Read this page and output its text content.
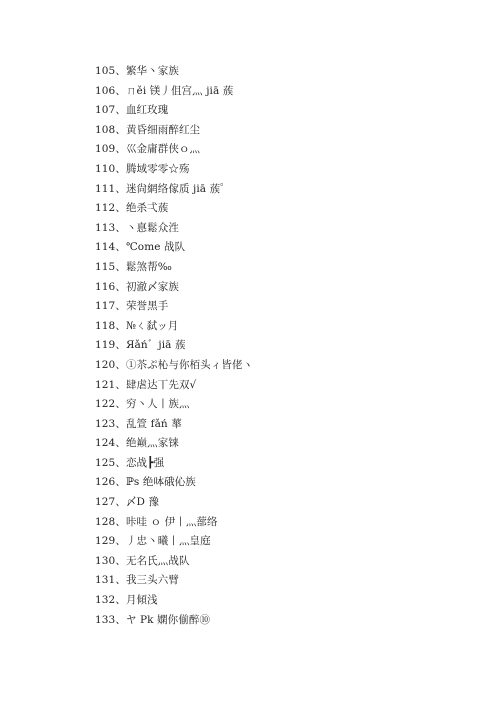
105、繁华丶家族
106、ㄇěi 镁丿伹宫灬 jiā 蔟
107、血红玫瑰
108、黄昏细雨醉红尘
109、巛金庸群侠ｏ灬
110、腾域零零☆殇
111、迷尙網络傢质 jiā 蔟゜
112、绝杀弌蔟
113、丶惪鬆众泩
114、℃ome 战队
115、鬆煞帮‰
116、初澈〆家族
117、荣誉黑手
118、№ㄑ弑ッ月
119、Яǎń゛jiā 蔟
120、①苶ぷ杺与你栢头ィ皆佬ヽ
121、肆虐达丅先双√
122、穷丶人丨族灬
123、乱箮 fǎń 蕐
124、绝巅灬家铼
125、恋战┣强
126、ℙs 绝呠硪伈族
127、〆D 豫
128、咔哇 ｏ 伊丨灬蔀络
129、丿忠丶曦丨灬皇庭
130、无名氏灬战队
131、我三头六臂
132、月傾浅
133、ヤ Pk 嫻你偂醉⑩
